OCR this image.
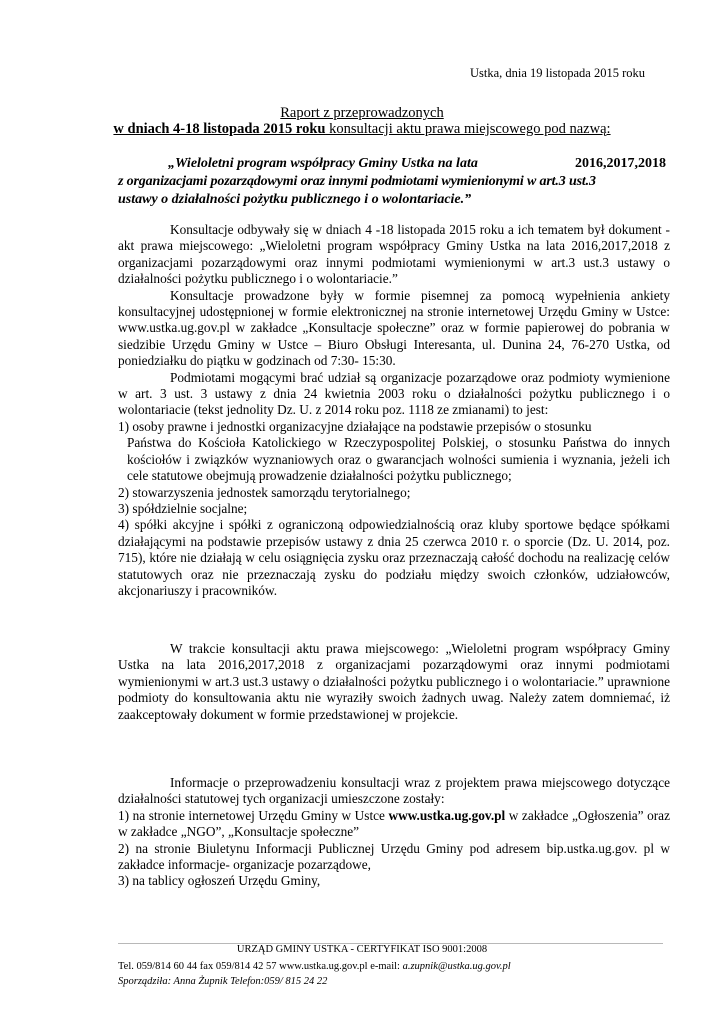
Ustka, dnia 19 listopada 2015 roku
Raport z przeprowadzonych
w dniach 4-18 listopada 2015 roku konsultacji aktu prawa miejscowego pod nazwą:
„Wieloletni program współpracy Gminy Ustka na lata	2016,2017,2018
z organizacjami pozarządowymi oraz innymi podmiotami wymienionymi w art.3 ust.3
ustawy o działalności pożytku publicznego i o wolontariacie.”

Konsultacje odbywały się w dniach 4 -18 listopada 2015 roku a ich tematem był dokument - akt prawa miejscowego: „Wieloletni program współpracy Gminy Ustka na lata 2016,2017,2018 z organizacjami pozarządowymi oraz innymi podmiotami wymienionymi w art.3 ust.3 ustawy o działalności pożytku publicznego i o wolontariacie.”

Konsultacje prowadzone były w formie pisemnej za pomocą wypełnienia ankiety konsultacyjnej udostępnionej w formie elektronicznej na stronie internetowej Urzędu Gminy w Ustce: www.ustka.ug.gov.pl w zakładce „Konsultacje społeczne” oraz w formie papierowej do pobrania w siedzibie Urzędu Gminy w Ustce – Biuro Obsługi Interesanta, ul. Dunina 24, 76-270 Ustka, od poniedziałku do piątku w godzinach od 7:30- 15:30.

Podmiotami mogącymi brać udział są organizacje pozarządowe oraz podmioty wymienione w art. 3 ust. 3 ustawy z dnia 24 kwietnia 2003 roku o działalności pożytku publicznego i o wolontariacie (tekst jednolity Dz. U. z 2014 roku poz. 1118 ze zmianami) to jest:

1) osoby prawne i jednostki organizacyjne działające na podstawie przepisów o stosunku

Państwa do Kościoła Katolickiego w Rzeczypospolitej Polskiej, o stosunku Państwa do innych kościołów i związków wyznaniowych oraz o gwarancjach wolności sumienia i wyznania, jeżeli ich cele statutowe obejmują prowadzenie działalności pożytku publicznego;

2) stowarzyszenia jednostek samorządu terytorialnego;

3) spółdzielnie socjalne;

4) spółki akcyjne i spółki z ograniczoną odpowiedzialnością oraz kluby sportowe będące spółkami działającymi na podstawie przepisów ustawy z dnia 25 czerwca 2010 r. o sporcie (Dz. U. 2014, poz. 715), które nie działają w celu osiągnięcia zysku oraz przeznaczają całość dochodu na realizację celów statutowych oraz nie przeznaczają zysku do podziału między swoich członków, udziałowców, akcjonariuszy i pracowników.

W trakcie konsultacji aktu prawa miejscowego: „Wieloletni program współpracy Gminy Ustka na lata 2016,2017,2018 z organizacjami pozarządowymi oraz innymi podmiotami wymienionymi w art.3 ust.3 ustawy o działalności pożytku publicznego i o wolontariacie.” uprawnione podmioty do konsultowania aktu nie wyraziły swoich żadnych uwag. Należy zatem domniemać, iż zaakceptowały dokument w formie przedstawionej w projekcie.

Informacje o przeprowadzeniu konsultacji wraz z projektem prawa miejscowego dotyczące działalności statutowej tych organizacji umieszczone zostały:

1) na stronie internetowej Urzędu Gminy w Ustce www.ustka.ug.gov.pl w zakładce „Ogłoszenia” oraz w zakładce „NGO”, „Konsultacje społeczne”

2) na stronie Biuletynu Informacji Publicznej Urzędu Gminy pod adresem bip.ustka.ug.gov. pl w zakładce informacje- organizacje pozarządowe,

3) na tablicy ogłoszeń Urzędu Gminy,

URZĄD GMINY USTKA - CERTYFIKAT ISO 9001:2008
Tel. 059/814 60 44 fax 059/814 42 57 www.ustka.ug.gov.pl e-mail: a.zupnik@ustka.ug.gov.pl
Sporządziła: Anna Żupnik Telefon:059/ 815 24 22
